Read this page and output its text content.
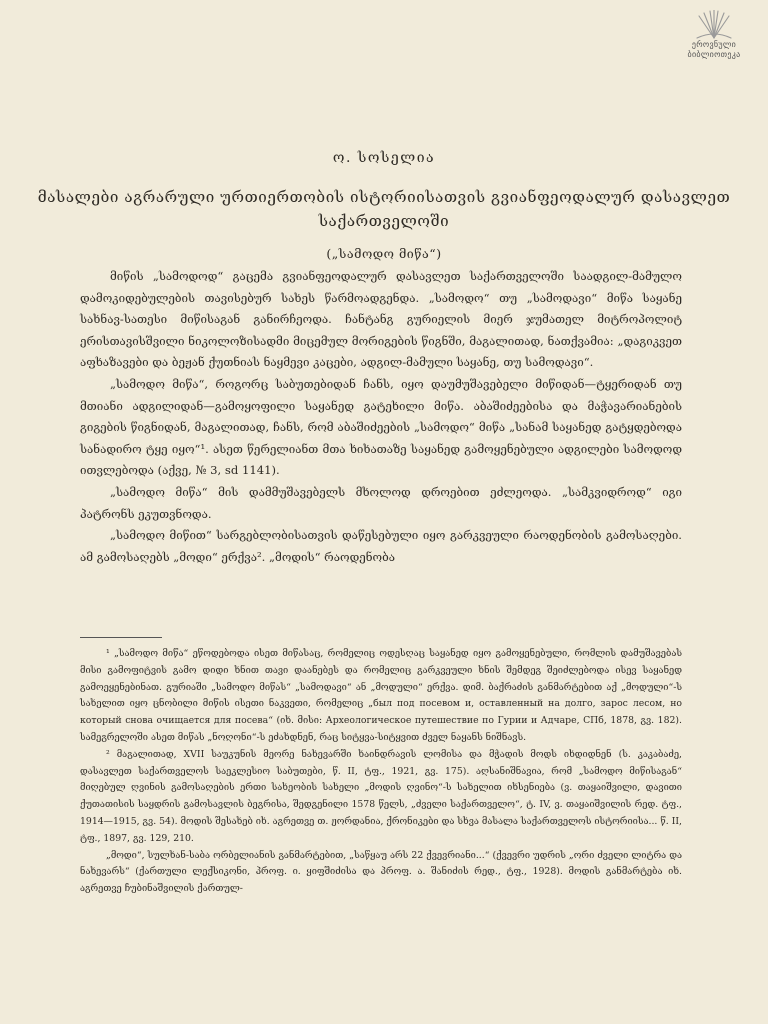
ეროვნული
ბიბლიოთეკა
ო. სოსელია
მასალები აგრარული ურთიერთობის ისტორიისათვის გვიანფეოდალურ დასავლეთ საქართველოში
(„სამოდო მიწა“)

მიწის „სამოდოდ“ გაცემა გვიანფეოდალურ დასავლეთ საქართველოში საადგილ-მამულო დამოკიდებულების თავისებურ სახეს წარმოადგენდა. „სამოდო“ თუ „სამოდავი“ მიწა საყანე სახნავ-სათესი მიწისაგან განირჩეოდა. ჩანტანგ გურიელის მიერ ჯუმათელ მიტროპოლიტ ერისთავისშვილი ნიკოლოზისადმი მიცემულ მორიგების წიგნში, მაგალითად, ნათქვამია: „დაგიკვეთ აფხაზავები და ბეჟან ქუთნიას ნაყმევი კაცები, ადგილ-მამული საყანე, თუ სამოდავი“.

„სამოდო მიწა“, როგორც საბუთებიდან ჩანს, იყო დაუმუშავებელი მიწიდან—ტყერიდან თუ მთიანი ადგილიდან—გამოყოფილი საყანედ გატეხილი მიწა. აბაშიძეებისა და მაჭავარიანების გიგების წიგნიდან, მაგალითად, ჩანს, რომ აბაშიძეების „სამოდო“ მიწა „სანამ საყანედ გატყდებოდა სანადირო ტყე იყო“¹. ასეთ წერელიანთ მთა ხიხათაზე საყანედ გამოყენებული ადგილები სამოდოდ ითვლებოდა (აქვე, № 3, sd 1141).

„სამოდო მიწა“ მის დამმუშავებელს მხოლოდ დროებით ეძლეოდა. „სამკვიდროდ“ იგი პატრონს ეკუთვნოდა.

„სამოდო მიწით“ სარგებლობისათვის დაწესებული იყო გარკვეული რაოდენობის გამოსაღები. ამ გამოსაღებს „მოდი“ ერქვა². „მოდის“ რაოდენობა

¹ „სამოდო მიწა“ ეწოდებოდა ისეთ მიწასაც, რომელიც ოდესღაც საყანედ იყო გამოყენებული, რომლის დამუშავებას მისი გამოფიტვის გამო დიდი ხნით თავი დაანებეს და რომელიც გარკვეული ხნის შემდეგ შეიძლებოდა ისევ საყანედ გამოეყენებინათ. გურიაში „სამოდო მიწას“ „სამოდავი“ ან „მოდული“ ერქვა. დიმ. ბაქრაძის განმარტებით აქ „მოდული“-ს სახელით იყო ცნობილი მიწის ისეთი ნაკვეთი, რომელიც „был под посевом и, оставленный на долго, зарос лесом, но который снова очищается для посева“ (იხ. მისი: Археологическое путешествие по Гурии и Адчаре, СПб, 1878, გვ. 182). სამეგრელოში ასეთ მიწას „ნოღონი“-ს ეძახდნენ, რაც სიტყვა-სიტყვით ძველ ნაყანს ნიშნავს.

² მაგალითად, XVII საუკუნის მეორე ნახევარში ხაინდრავის ლომისა და მჭადის მოდს იხდიდნენ (ს. კაკაბაძე, დასავლეთ საქართველოს საეკლესიო საბუთები, წ. II, ტფ., 1921, გვ. 175). აღსანიშნავია, რომ „სამოდო მიწისაგან“ მიღებულ ღვინის გამოსაღების ერთი სახეობის სახელი „მოდის ღვინო“-ს სახელით იხსენიება (ვ. თაყაიშვილი, დავითი ქუთათისის საყდრის გამოსავლის ბეგრისა, შედგენილი 1578 წელს, „ძველი საქართველო“, ტ. IV, ვ. თაყაიშვილის რედ. ტფ., 1914—1915, გვ. 54). მოდის შესახებ იხ. აგრეთვე თ. ჟორდანია, ქრონიკები და სხვა მასალა საქართველოს ისტორიისა... წ. II, ტფ., 1897, გვ. 129, 210.

„მოდი“, სულხან-საბა ორბელიანის განმარტებით, „საწყაუ არს 22 ქვევრიანი...“ (ქვევრი უდრის „ორი ძველი ლიტრა და ნახევარს“ (ქართული ლექსიკონი, პროფ. ი. ყიფშიძისა და პროფ. ა. შანიძის რედ., ტფ., 1928). მოდის განმარტება იხ. აგრეთვე ჩუბინაშვილის ქართულ-
